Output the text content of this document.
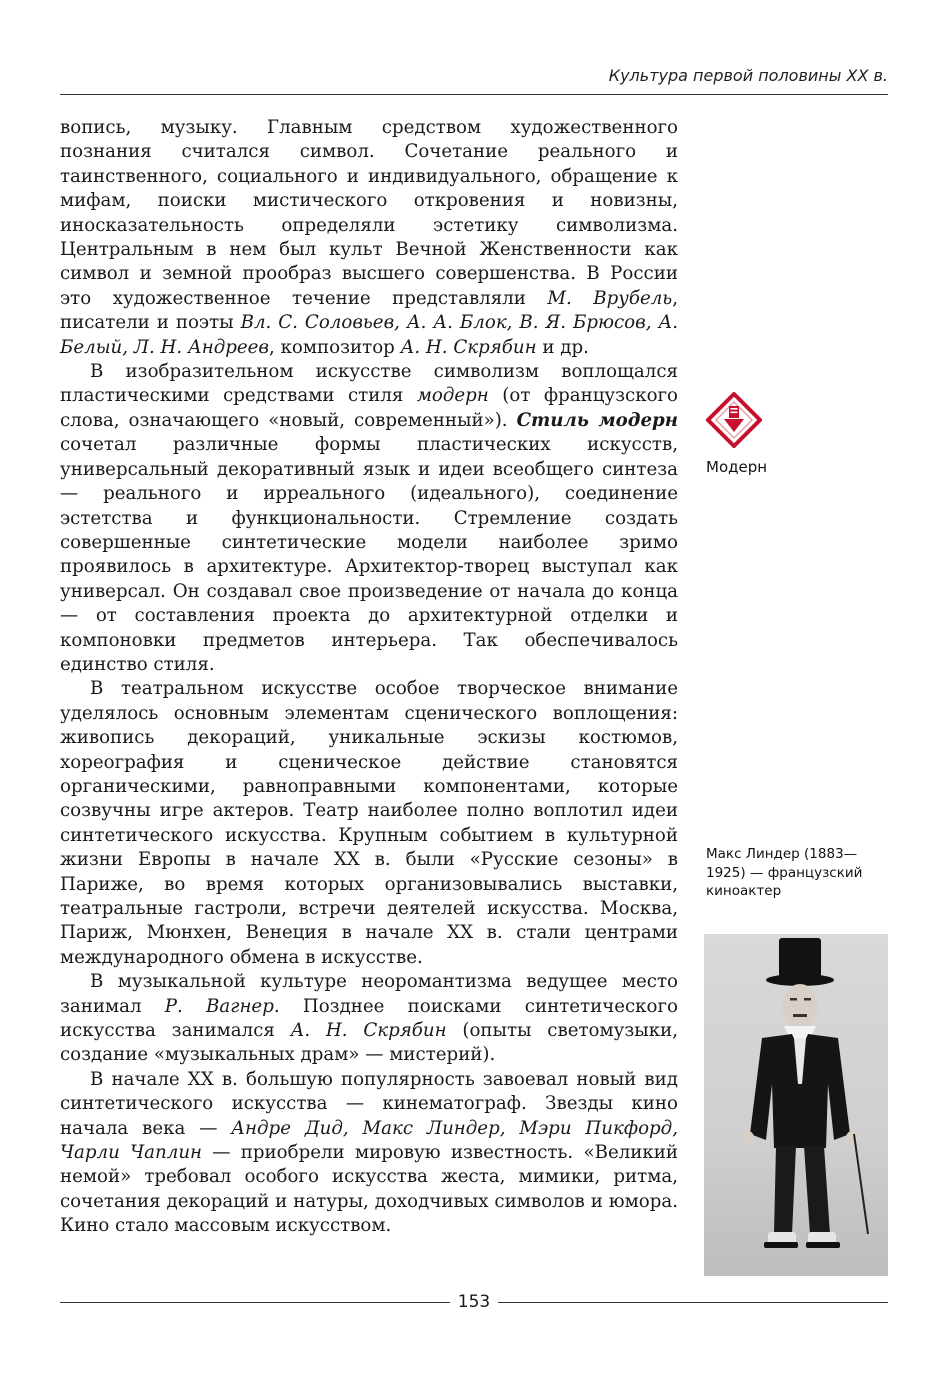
Культура первой половины XX в.

вопись, музыку. Главным средством художественного познания считался символ. Сочетание реального и таинственного, социального и индивидуального, обращение к мифам, поиски мистического откровения и новизны, иносказательность определяли эстетику символизма. Центральным в нем был культ Вечной Женственности как символ и земной прообраз высшего совершенства. В России это художественное течение представляли М. Врубель, писатели и поэты Вл. С. Соловьев, А. А. Блок, В. Я. Брюсов, А. Белый, Л. Н. Андреев, композитор А. Н. Скрябин и др.

В изобразительном искусстве символизм воплощался пластическими средствами стиля модерн (от французского слова, означающего «новый, современный»). Стиль модерн сочетал различные формы пластических искусств, универсальный декоративный язык и идеи всеобщего синтеза — реального и ирреального (идеального), соединение эстетства и функциональности. Стремление создать совершенные синтетические модели наиболее зримо проявилось в архитектуре. Архитектор-творец выступал как универсал. Он создавал свое произведение от начала до конца — от составления проекта до архитектурной отделки и компоновки предметов интерьера. Так обеспечивалось единство стиля.

В театральном искусстве особое творческое внимание уделялось основным элементам сценического воплощения: живопись декораций, уникальные эскизы костюмов, хореография и сценическое действие становятся органическими, равноправными компонентами, которые созвучны игре актеров. Театр наиболее полно воплотил идеи синтетического искусства. Крупным событием в культурной жизни Европы в начале XX в. были «Русские сезоны» в Париже, во время которых организовывались выставки, театральные гастроли, встречи деятелей искусства. Москва, Париж, Мюнхен, Венеция в начале XX в. стали центрами международного обмена в искусстве.

В музыкальной культуре неоромантизма ведущее место занимал Р. Вагнер. Позднее поисками синтетического искусства занимался А. Н. Скрябин (опыты светомузыки, создание «музыкальных драм» — мистерий).

В начале XX в. большую популярность завоевал новый вид синтетического искусства — кинематограф. Звезды кино начала века — Андре Дид, Макс Линдер, Мэри Пикфорд, Чарли Чаплин — приобрели мировую известность. «Великий немой» требовал особого искусства жеста, мимики, ритма, сочетания декораций и натуры, доходчивых символов и юмора. Кино стало массовым искусством.

Модерн
Макс Линдер (1883—1925) — французский киноактер
153
